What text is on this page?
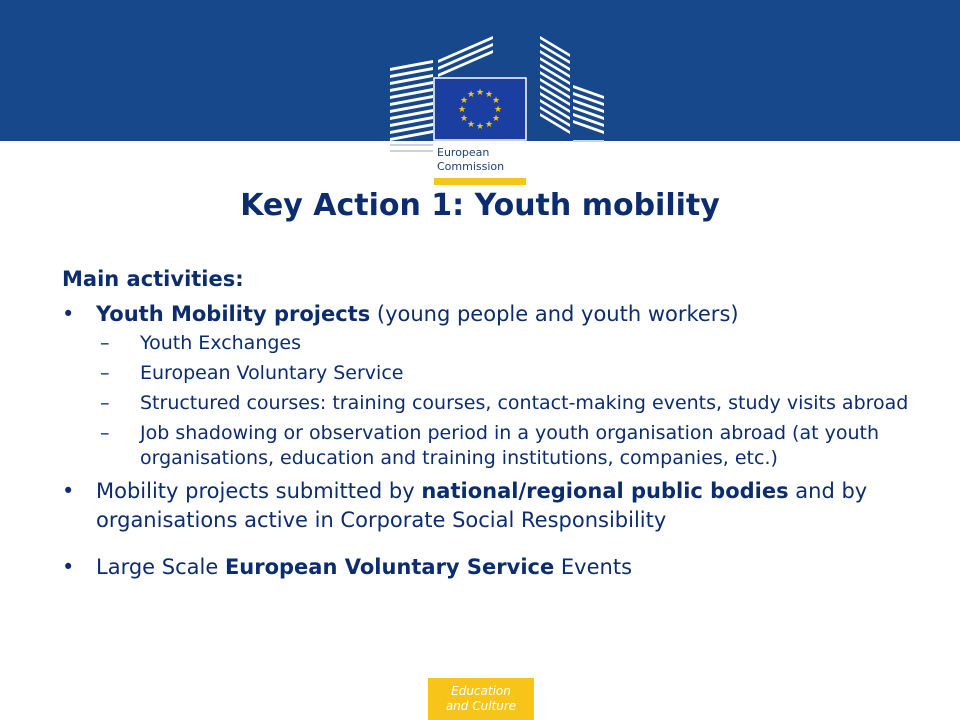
★ ★
★
★
★
★
★
★
★
★
★
★
European
Commission
Key Action 1: Youth mobility
Main activities:
•	Youth Mobility projects (young people and youth workers)
– Youth Exchanges
– European Voluntary Service
– Structured courses: training courses, contact-making events, study visits abroad
– Job shadowing or observation period in a youth organisation abroad (at youth organisations, education and training institutions, companies, etc.)
•	Mobility projects submitted by national/regional public bodies and by organisations active in Corporate Social Responsibility
•	Large Scale European Voluntary Service Events
Education
and Culture
